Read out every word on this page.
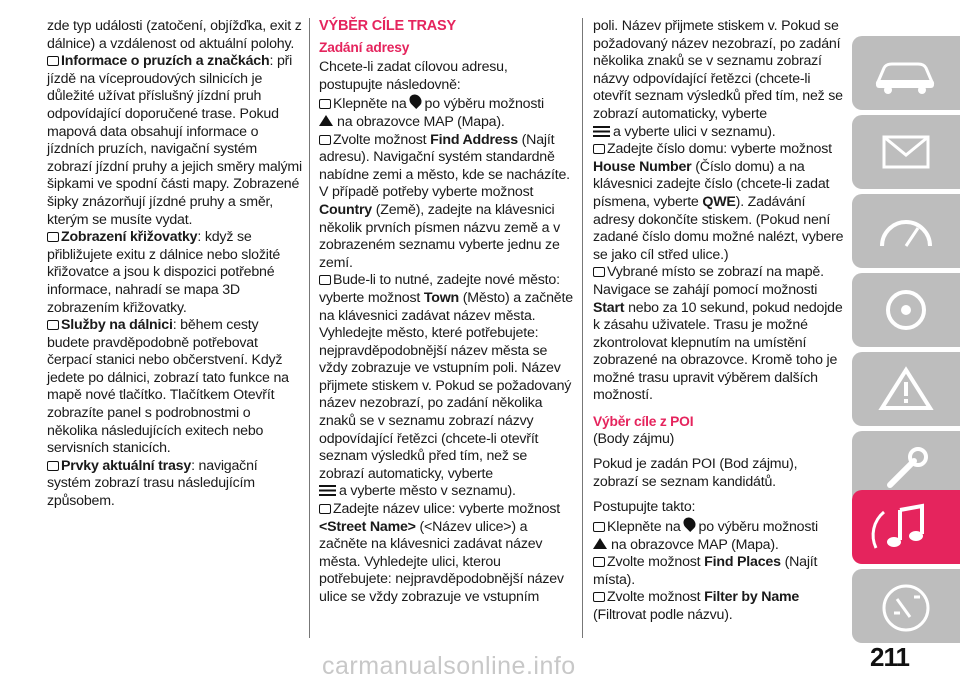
zde typ události (zatočení, objížďka, exit z dálnice) a vzdálenost od aktuální polohy.

Informace o pruzích a značkách: při jízdě na víceproudových silnicích je důležité užívat příslušný jízdní pruh odpovídající doporučené trase. Pokud mapová data obsahují informace o jízdních pruzích, navigační systém zobrazí jízdní pruhy a jejich směry malými šipkami ve spodní části mapy. Zobrazené šipky znázorňují jízdné pruhy a směr, kterým se musíte vydat.

Zobrazení křižovatky: když se přibližujete exitu z dálnice nebo složité křižovatce a jsou k dispozici potřebné informace, nahradí se mapa 3D zobrazením křižovatky.

Služby na dálnici: během cesty budete pravděpodobně potřebovat čerpací stanici nebo občerstvení. Když jedete po dálnici, zobrazí tato funkce na mapě nové tlačítko. Tlačítkem Otevřít zobrazíte panel s podrobnostmi o několika následujících exitech nebo servisních stanicích.

Prvky aktuální trasy: navigační systém zobrazí trasu následujícím způsobem.

VÝBĚR CÍLE TRASY
Zadání adresy

Chcete-li zadat cílovou adresu, postupujte následovně:

Klepněte na po výběru možnosti
na obrazovce MAP (Mapa).

Zvolte možnost Find Address (Najít adresu). Navigační systém standardně nabídne zemi a město, kde se nacházíte. V případě potřeby vyberte možnost Country (Země), zadejte na klávesnici několik prvních písmen názvu země a v zobrazeném seznamu vyberte jednu ze zemí.

Bude-li to nutné, zadejte nové město: vyberte možnost Town (Město) a začněte na klávesnici zadávat název města. Vyhledejte město, které potřebujete: nejpravděpodobnější název města se vždy zobrazuje ve vstupním poli. Název přijmete stiskem v. Pokud se požadovaný název nezobrazí, po zadání několika znaků se v seznamu zobrazí názvy odpovídající řetězci (chcete-li otevřít seznam výsledků před tím, než se zobrazí automaticky, vyberte
a vyberte město v seznamu).

Zadejte název ulice: vyberte možnost <Street Name> (<Název ulice>) a začněte na klávesnici zadávat název města. Vyhledejte ulici, kterou potřebujete: nejpravděpodobnější název ulice se vždy zobrazuje ve vstupním

poli. Název přijmete stiskem v. Pokud se požadovaný název nezobrazí, po zadání několika znaků se v seznamu zobrazí názvy odpovídající řetězci (chcete-li otevřít seznam výsledků před tím, než se zobrazí automaticky, vyberte
a vyberte ulici v seznamu).

Zadejte číslo domu: vyberte možnost
House Number (Číslo domu) a na klávesnici zadejte číslo (chcete-li zadat písmena, vyberte QWE). Zadávání adresy dokončíte stiskem. (Pokud není zadané číslo domu možné nalézt, vybere se jako cíl střed ulice.)

Vybrané místo se zobrazí na mapě. Navigace se zahájí pomocí možnosti Start nebo za 10 sekund, pokud nedojde k zásahu uživatele. Trasu je možné zkontrolovat klepnutím na umístění zobrazené na obrazovce. Kromě toho je možné trasu upravit výběrem dalších možností.

Výběr cíle z POI

(Body zájmu)

Pokud je zadán POI (Bod zájmu), zobrazí se seznam kandidátů.

Postupujte takto:

Klepněte na po výběru možnosti
na obrazovce MAP (Mapa).

Zvolte možnost Find Places (Najít místa).

Zvolte možnost Filter by Name (Filtrovat podle názvu).

211
carmanualsonline.info
